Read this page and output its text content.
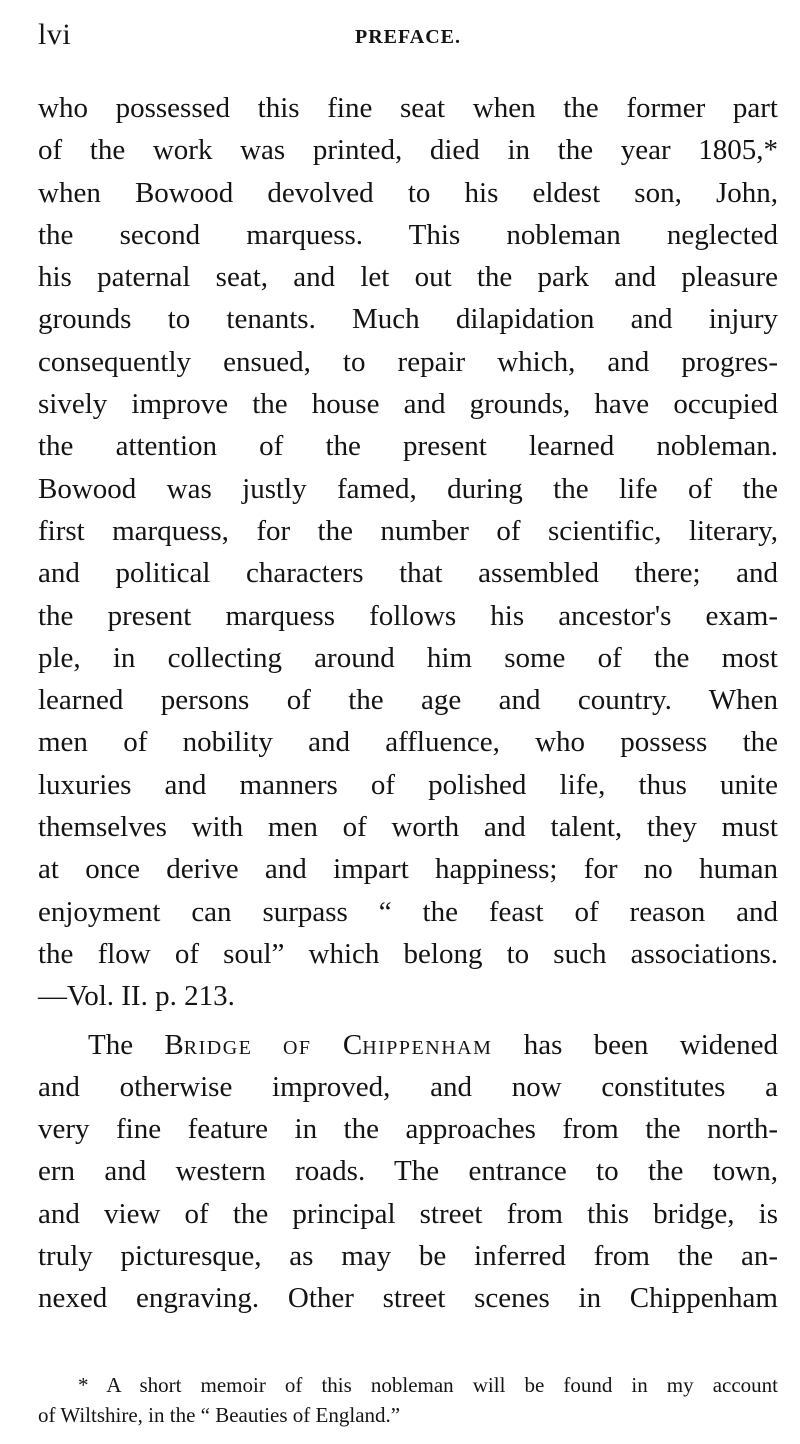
lvi	PREFACE.
who possessed this fine seat when the former part
of the work was printed, died in the year 1805,*
when Bowood devolved to his eldest son, John,
the second marquess. This nobleman neglected
his paternal seat, and let out the park and pleasure
grounds to tenants. Much dilapidation and injury
consequently ensued, to repair which, and progres-
sively improve the house and grounds, have occupied
the attention of the present learned nobleman.
Bowood was justly famed, during the life of the
first marquess, for the number of scientific, literary,
and political characters that assembled there; and
the present marquess follows his ancestor's exam-
ple, in collecting around him some of the most
learned persons of the age and country. When
men of nobility and affluence, who possess the
luxuries and manners of polished life, thus unite
themselves with men of worth and talent, they must
at once derive and impart happiness; for no human
enjoyment can surpass “ the feast of reason and
the flow of soul” which belong to such associations.
—Vol. II. p. 213.
The BRIDGE OF CHIPPENHAM has been widened
and otherwise improved, and now constitutes a
very fine feature in the approaches from the north-
ern and western roads. The entrance to the town,
and view of the principal street from this bridge, is
truly picturesque, as may be inferred from the an-
nexed engraving. Other street scenes in Chippenham
* A short memoir of this nobleman will be found in my account
of Wiltshire, in the “ Beauties of England.”
